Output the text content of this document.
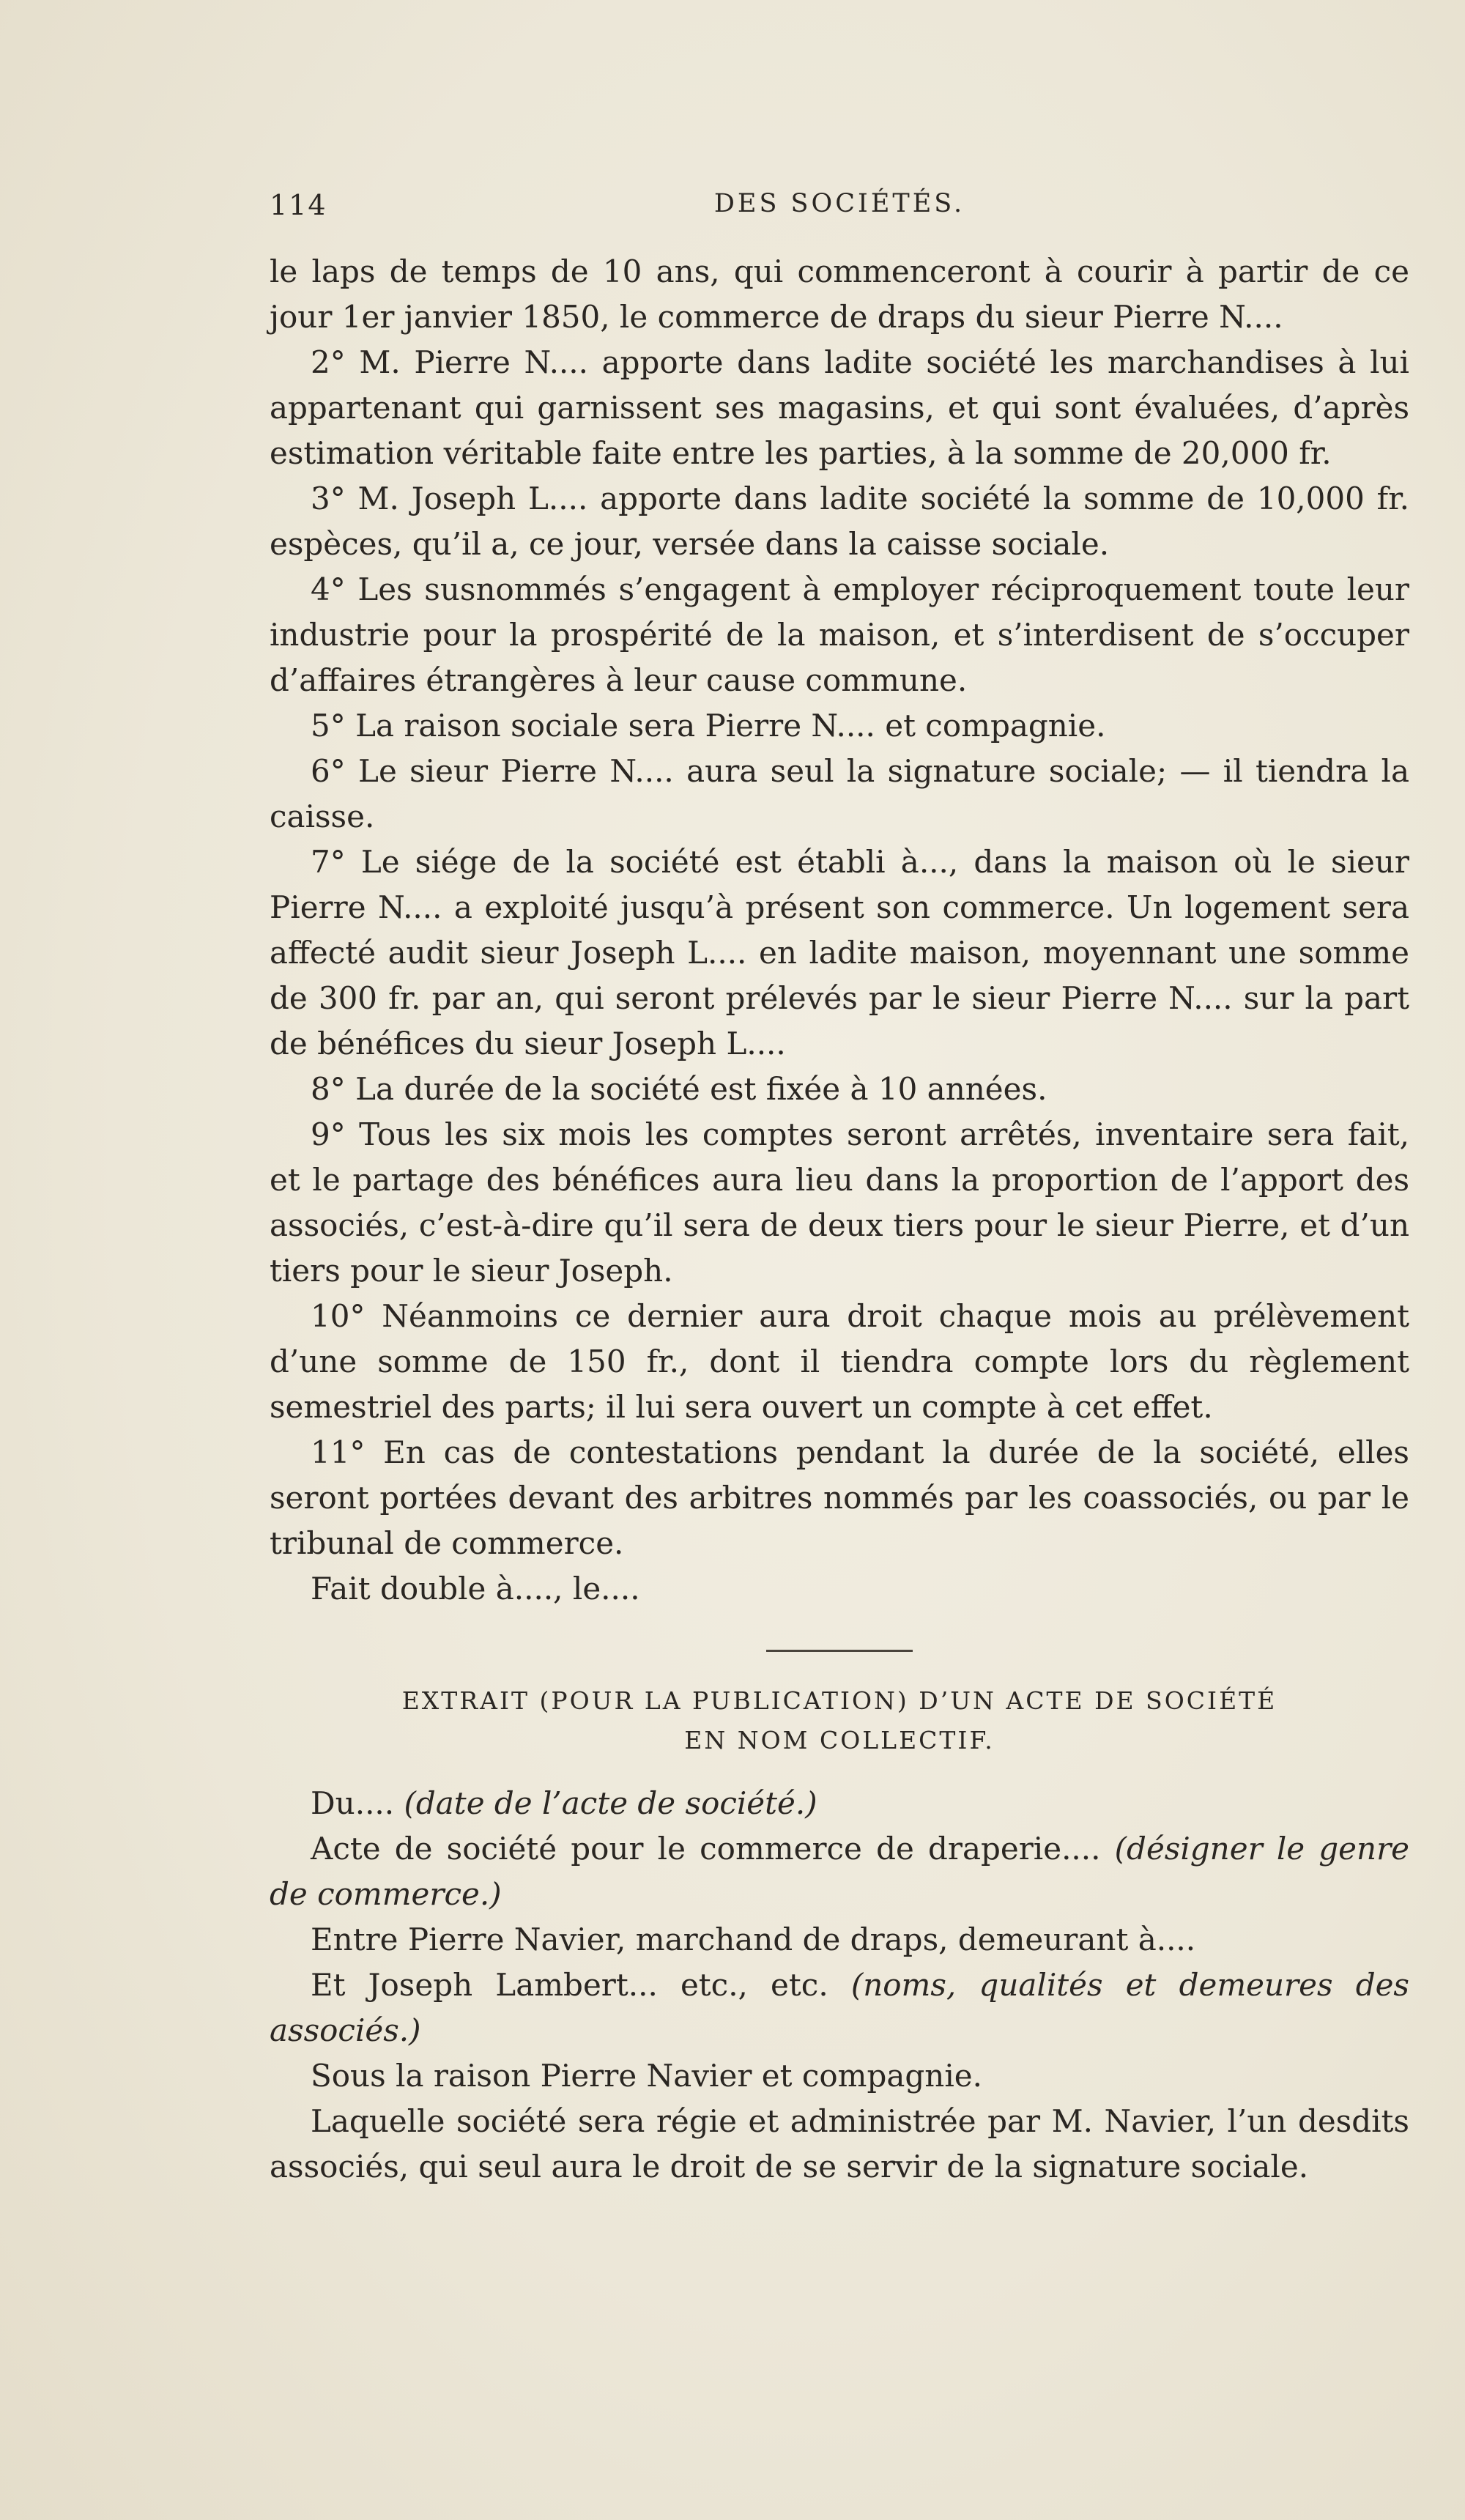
114	DES SOCIÉTÉS.

le laps de temps de 10 ans, qui commenceront à courir à partir de ce jour 1er janvier 1850, le commerce de draps du sieur Pierre N....

2° M. Pierre N.... apporte dans ladite société les marchandises à lui appartenant qui garnissent ses magasins, et qui sont évaluées, d’après estimation véritable faite entre les parties, à la somme de 20,000 fr.

3° M. Joseph L.... apporte dans ladite société la somme de 10,000 fr. espèces, qu’il a, ce jour, versée dans la caisse sociale.

4° Les susnommés s’engagent à employer réciproquement toute leur industrie pour la prospérité de la maison, et s’interdisent de s’occuper d’affaires étrangères à leur cause commune.

5° La raison sociale sera Pierre N.... et compagnie.

6° Le sieur Pierre N.... aura seul la signature sociale; — il tiendra la caisse.

7° Le siége de la société est établi à..., dans la maison où le sieur Pierre N.... a exploité jusqu’à présent son commerce. Un logement sera affecté audit sieur Joseph L.... en ladite maison, moyennant une somme de 300 fr. par an, qui seront prélevés par le sieur Pierre N.... sur la part de bénéfices du sieur Joseph L....

8° La durée de la société est fixée à 10 années.

9° Tous les six mois les comptes seront arrêtés, inventaire sera fait, et le partage des bénéfices aura lieu dans la proportion de l’apport des associés, c’est-à-dire qu’il sera de deux tiers pour le sieur Pierre, et d’un tiers pour le sieur Joseph.

10° Néanmoins ce dernier aura droit chaque mois au prélèvement d’une somme de 150 fr., dont il tiendra compte lors du règlement semestriel des parts; il lui sera ouvert un compte à cet effet.

11° En cas de contestations pendant la durée de la société, elles seront portées devant des arbitres nommés par les coassociés, ou par le tribunal de commerce.

Fait double à...., le....

EXTRAIT (POUR LA PUBLICATION) D’UN ACTE DE SOCIÉTÉ
EN NOM COLLECTIF.

Du.... (date de l’acte de société.)

Acte de société pour le commerce de draperie.... (désigner le genre de commerce.)

Entre Pierre Navier, marchand de draps, demeurant à....

Et Joseph Lambert... etc., etc. (noms, qualités et demeures des associés.)

Sous la raison Pierre Navier et compagnie.

Laquelle société sera régie et administrée par M. Navier, l’un desdits associés, qui seul aura le droit de se servir de la signature sociale.
